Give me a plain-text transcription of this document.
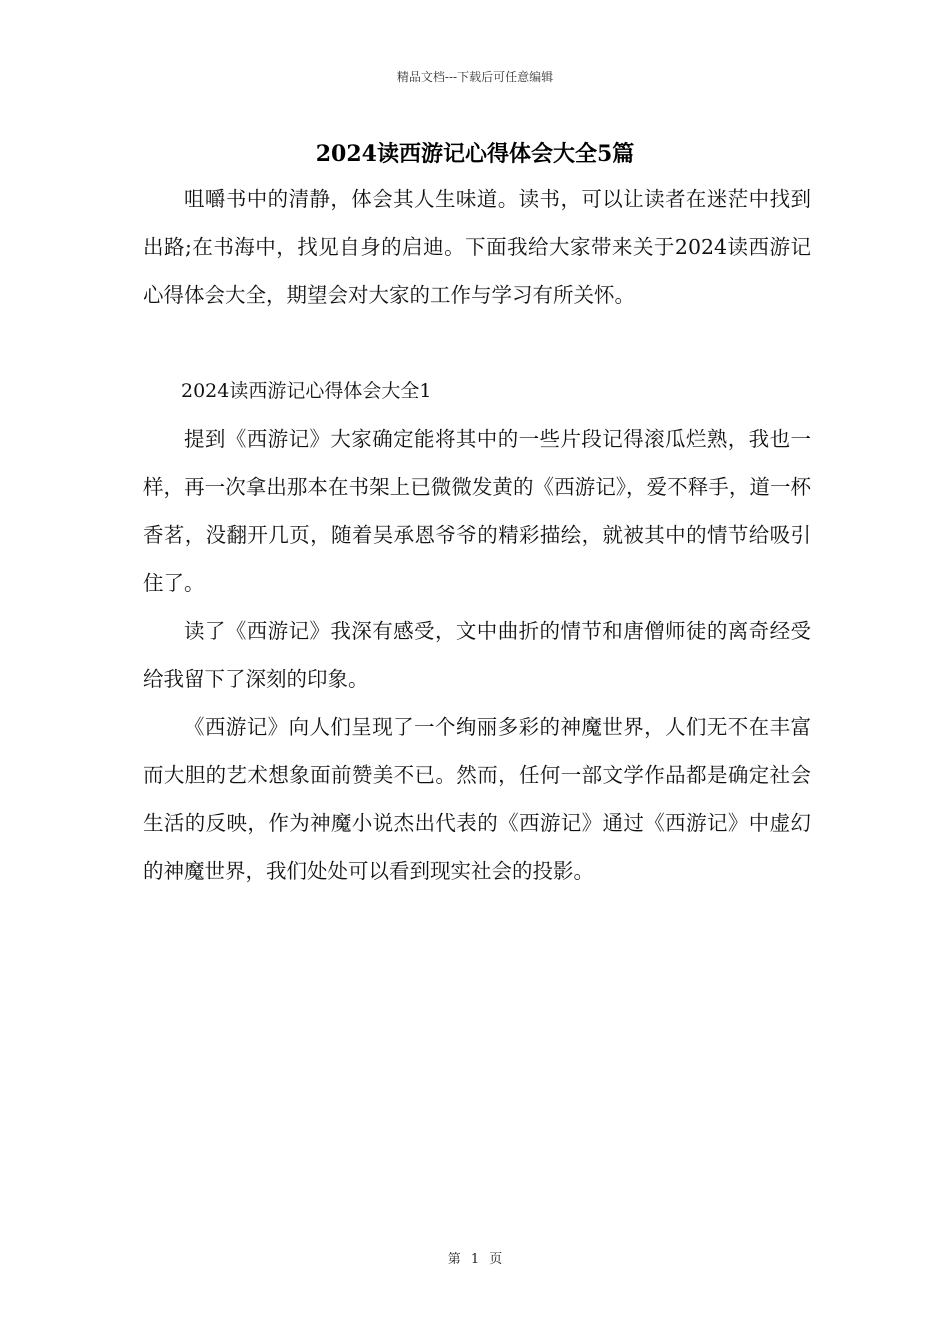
精品文档---下载后可任意编辑
2024读西游记心得体会大全5篇

咀嚼书中的清静，体会其人生味道。读书，可以让读者在迷茫中找到出路;在书海中，找见自身的启迪。下面我给大家带来关于2024读西游记心得体会大全，期望会对大家的工作与学习有所关怀。

2024读西游记心得体会大全1

提到《西游记》大家确定能将其中的一些片段记得滚瓜烂熟，我也一样，再一次拿出那本在书架上已微微发黄的《西游记》，爱不释手，道一杯香茗，没翻开几页，随着吴承恩爷爷的精彩描绘，就被其中的情节给吸引住了。

读了《西游记》我深有感受，文中曲折的情节和唐僧师徒的离奇经受给我留下了深刻的印象。

《西游记》向人们呈现了一个绚丽多彩的神魔世界，人们无不在丰富而大胆的艺术想象面前赞美不已。然而，任何一部文学作品都是确定社会生活的反映，作为神魔小说杰出代表的《西游记》通过《西游记》中虚幻的神魔世界，我们处处可以看到现实社会的投影。

第 1 页
